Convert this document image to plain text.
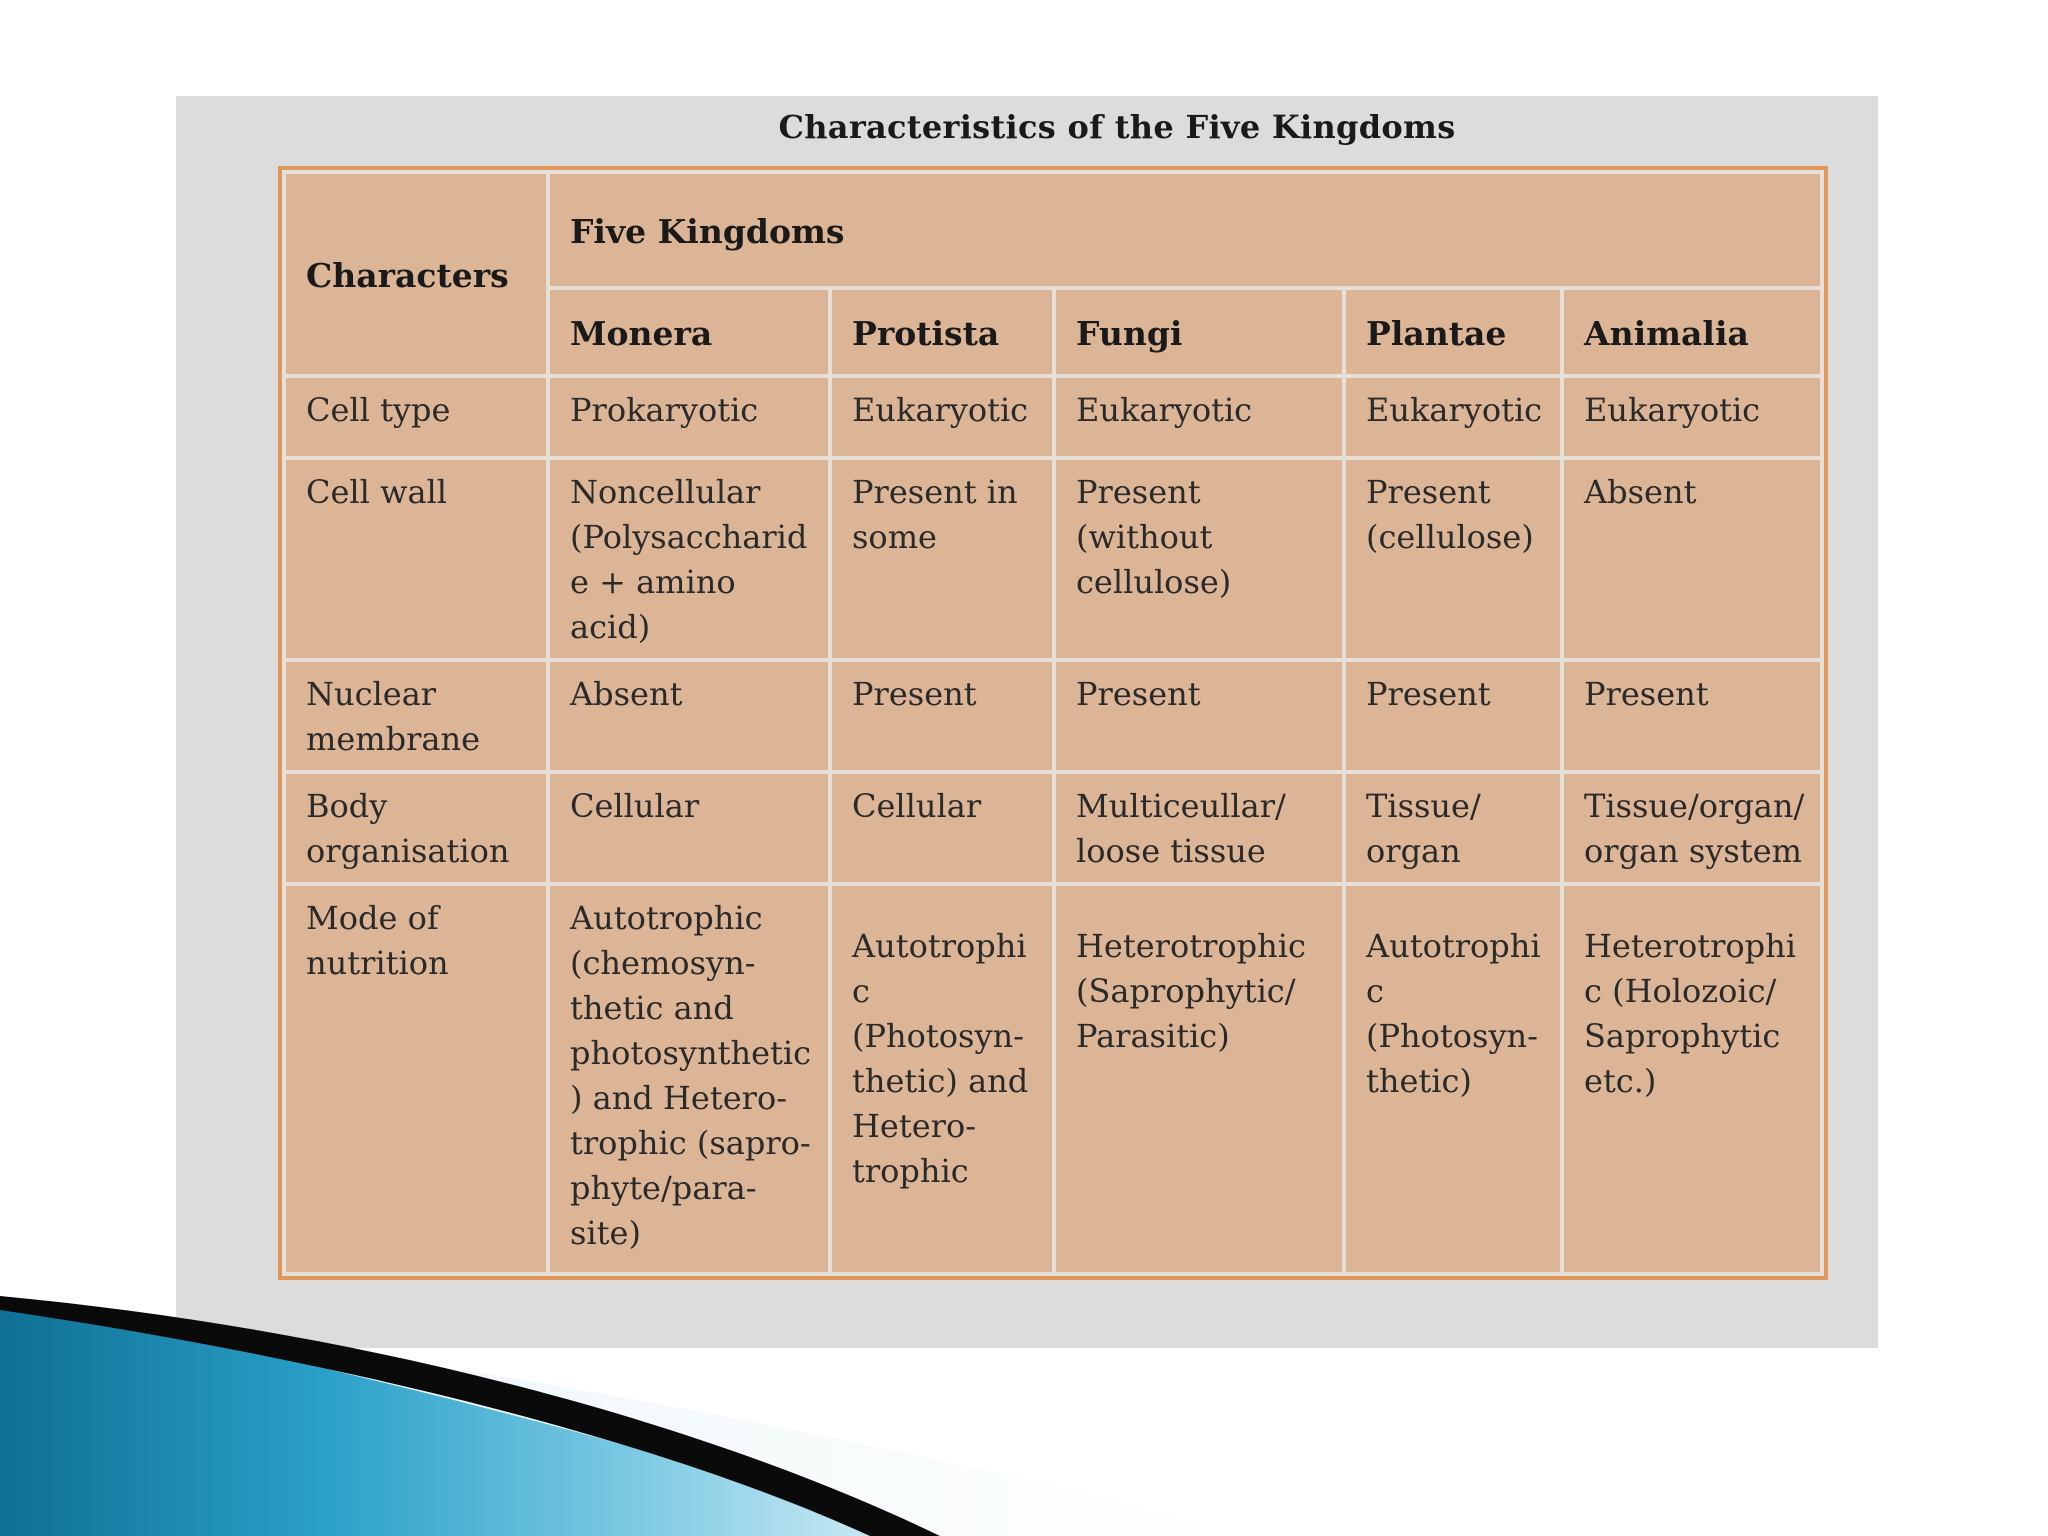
Characteristics of the Five Kingdoms
Characters	Five Kingdoms				
	Monera	Protista	Fungi	Plantae	Animalia
Cell type	Prokaryotic	Eukaryotic	Eukaryotic	Eukaryotic	Eukaryotic
Cell wall	Noncellular (Polysaccharide + amino acid)	Present in some	Present (without cellulose)	Present (cellulose)	Absent
Nuclear membrane	Absent	Present	Present	Present	Present
Body organisation	Cellular	Cellular	Multiceullar/ loose tissue	Tissue/ organ	Tissue/organ/ organ system
Mode of nutrition	Autotrophic (chemosyn-thetic and photosynthetic) and Hetero-trophic (sapro-phyte/para-site)	Autotrophic (Photosyn-thetic) and Hetero-trophic	Heterotrophic (Saprophytic/ Parasitic)	Autotrophic (Photosyn-thetic)	Heterotrophic (Holozoic/ Saprophytic etc.)
